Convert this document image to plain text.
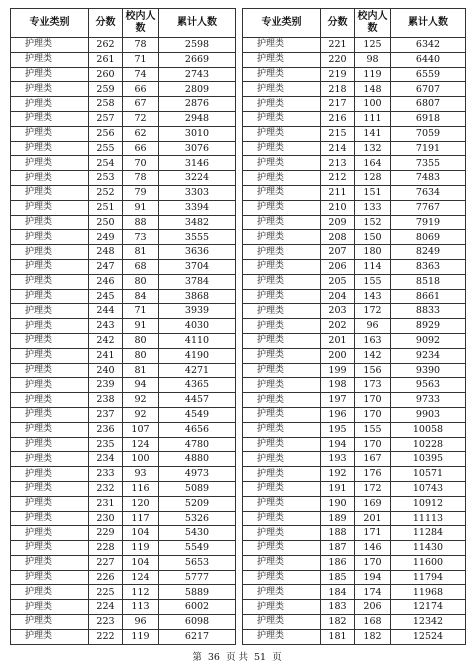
专业类别	分数	校内人数	累计人数
护理类	262	78	2598
护理类	261	71	2669
护理类	260	74	2743
护理类	259	66	2809
护理类	258	67	2876
护理类	257	72	2948
护理类	256	62	3010
护理类	255	66	3076
护理类	254	70	3146
护理类	253	78	3224
护理类	252	79	3303
护理类	251	91	3394
护理类	250	88	3482
护理类	249	73	3555
护理类	248	81	3636
护理类	247	68	3704
护理类	246	80	3784
护理类	245	84	3868
护理类	244	71	3939
护理类	243	91	4030
护理类	242	80	4110
护理类	241	80	4190
护理类	240	81	4271
护理类	239	94	4365
护理类	238	92	4457
护理类	237	92	4549
护理类	236	107	4656
护理类	235	124	4780
护理类	234	100	4880
护理类	233	93	4973
护理类	232	116	5089
护理类	231	120	5209
护理类	230	117	5326
护理类	229	104	5430
护理类	228	119	5549
护理类	227	104	5653
护理类	226	124	5777
护理类	225	112	5889
护理类	224	113	6002
护理类	223	96	6098
护理类	222	119	6217
专业类别	分数	校内人数	累计人数
护理类	221	125	6342
护理类	220	98	6440
护理类	219	119	6559
护理类	218	148	6707
护理类	217	100	6807
护理类	216	111	6918
护理类	215	141	7059
护理类	214	132	7191
护理类	213	164	7355
护理类	212	128	7483
护理类	211	151	7634
护理类	210	133	7767
护理类	209	152	7919
护理类	208	150	8069
护理类	207	180	8249
护理类	206	114	8363
护理类	205	155	8518
护理类	204	143	8661
护理类	203	172	8833
护理类	202	96	8929
护理类	201	163	9092
护理类	200	142	9234
护理类	199	156	9390
护理类	198	173	9563
护理类	197	170	9733
护理类	196	170	9903
护理类	195	155	10058
护理类	194	170	10228
护理类	193	167	10395
护理类	192	176	10571
护理类	191	172	10743
护理类	190	169	10912
护理类	189	201	11113
护理类	188	171	11284
护理类	187	146	11430
护理类	186	170	11600
护理类	185	194	11794
护理类	184	174	11968
护理类	183	206	12174
护理类	182	168	12342
护理类	181	182	12524
第 36 页 共 51 页
